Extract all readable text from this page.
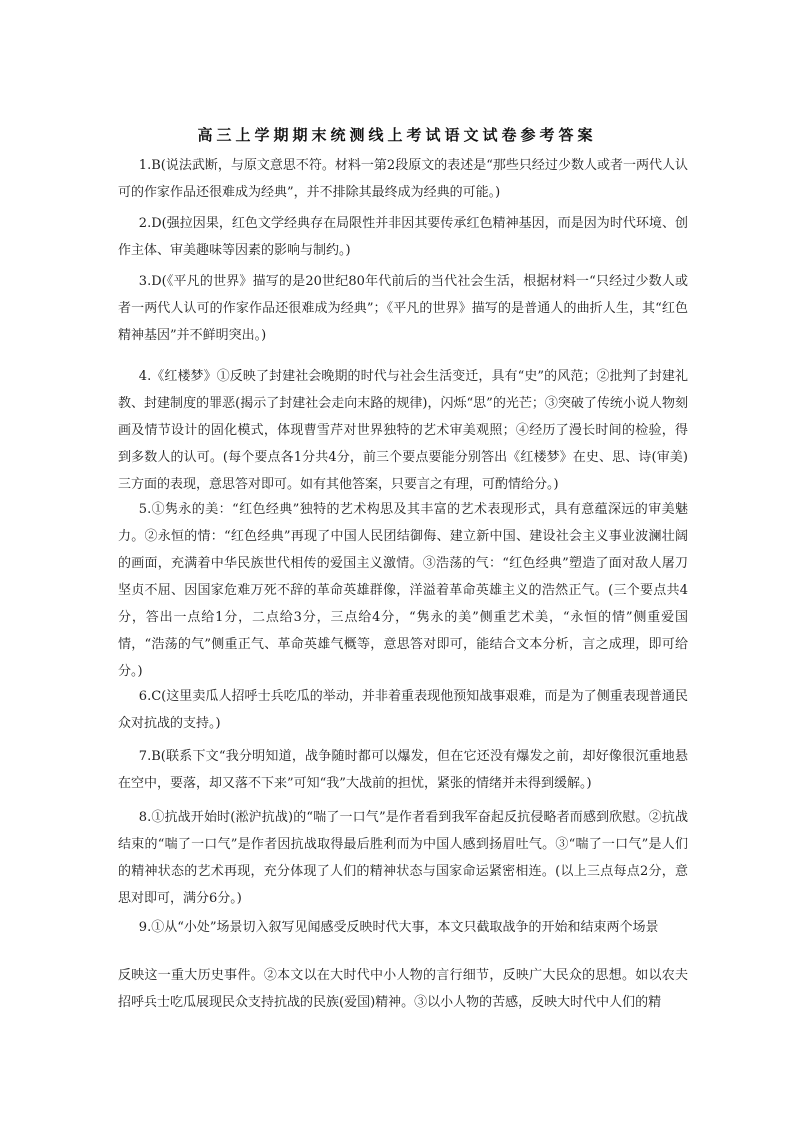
高三上学期期末统测线上考试语文试卷参考答案
1.B(说法武断，与原文意思不符。材料一第2段原文的表述是“那些只经过少数人或者一两代人认可的作家作品还很难成为经典”，并不排除其最终成为经典的可能。)
2.D(强拉因果，红色文学经典存在局限性并非因其要传承红色精神基因，而是因为时代环境、创作主体、审美趣味等因素的影响与制约。)
3.D(《平凡的世界》描写的是20世纪80年代前后的当代社会生活，根据材料一“只经过少数人或者一两代人认可的作家作品还很难成为经典”；《平凡的世界》描写的是普通人的曲折人生，其“红色精神基因”并不鲜明突出。)
4.《红楼梦》①反映了封建社会晚期的时代与社会生活变迁，具有“史”的风范；②批判了封建礼教、封建制度的罪恶(揭示了封建社会走向末路的规律)，闪烁“思”的光芒；③突破了传统小说人物刻画及情节设计的固化模式，体现曹雪芹对世界独特的艺术审美观照；④经历了漫长时间的检验，得到多数人的认可。(每个要点各1分共4分，前三个要点要能分别答出《红楼梦》在史、思、诗(审美)三方面的表现，意思答对即可。如有其他答案，只要言之有理，可酌情给分。)
5.①隽永的美：“红色经典”独特的艺术构思及其丰富的艺术表现形式，具有意蕴深远的审美魅力。②永恒的情：“红色经典”再现了中国人民团结御侮、建立新中国、建设社会主义事业波澜壮阔的画面，充满着中华民族世代相传的爱国主义激情。③浩荡的气：“红色经典”塑造了面对敌人屠刀坚贞不屈、因国家危难万死不辞的革命英雄群像，洋溢着革命英雄主义的浩然正气。(三个要点共4分，答出一点给1分，二点给3分，三点给4分，“隽永的美”侧重艺术美，“永恒的情”侧重爱国情，“浩荡的气”侧重正气、革命英雄气概等，意思答对即可，能结合文本分析，言之成理，即可给分。)
6.C(这里卖瓜人招呼士兵吃瓜的举动，并非着重表现他预知战事艰难，而是为了侧重表现普通民众对抗战的支持。)
7.B(联系下文“我分明知道，战争随时都可以爆发，但在它还没有爆发之前，却好像很沉重地悬在空中，要落，却又落不下来”可知“我”大战前的担忧，紧张的情绪并未得到缓解。)
8.①抗战开始时(淞沪抗战)的“喘了一口气”是作者看到我军奋起反抗侵略者而感到欣慰。②抗战结束的“喘了一口气”是作者因抗战取得最后胜利而为中国人感到扬眉吐气。③“喘了一口气”是人们的精神状态的艺术再现，充分体现了人们的精神状态与国家命运紧密相连。(以上三点每点2分，意思对即可，满分6分。)
9.①从“小处”场景切入叙写见闻感受反映时代大事，本文只截取战争的开始和结束两个场景
反映这一重大历史事件。②本文以在大时代中小人物的言行细节，反映广大民众的思想。如以农夫招呼兵士吃瓜展现民众支持抗战的民族(爱国)精神。③以小人物的苦感，反映大时代中人们的精
